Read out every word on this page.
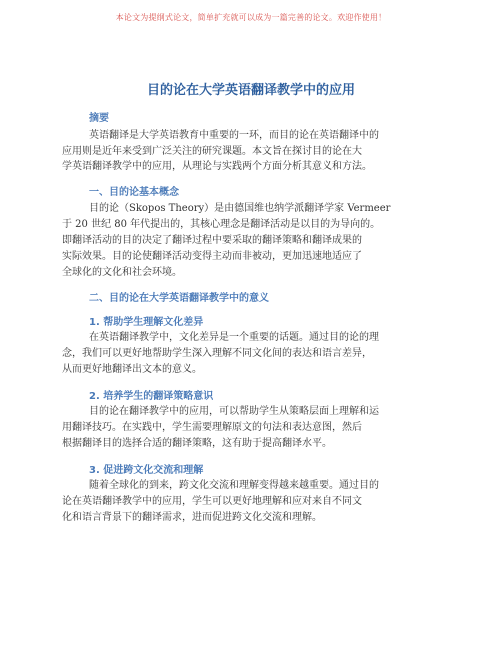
本论文为提纲式论文，简单扩充就可以成为一篇完善的论文。欢迎作使用！
目的论在大学英语翻译教学中的应用
摘要
英语翻译是大学英语教育中重要的一环，而目的论在英语翻译中的
应用则是近年来受到广泛关注的研究课题。本文旨在探讨目的论在大
学英语翻译教学中的应用，从理论与实践两个方面分析其意义和方法。
一、目的论基本概念
目的论（Skopos Theory）是由德国维也纳学派翻译学家 Vermeer
于 20 世纪 80 年代提出的，其核心理念是翻译活动是以目的为导向的。
即翻译活动的目的决定了翻译过程中要采取的翻译策略和翻译成果的
实际效果。目的论使翻译活动变得主动而非被动，更加迅速地适应了
全球化的文化和社会环境。
二、目的论在大学英语翻译教学中的意义
1. 帮助学生理解文化差异
在英语翻译教学中，文化差异是一个重要的话题。通过目的论的理
念，我们可以更好地帮助学生深入理解不同文化间的表达和语言差异，
从而更好地翻译出文本的意义。
2. 培养学生的翻译策略意识
目的论在翻译教学中的应用，可以帮助学生从策略层面上理解和运
用翻译技巧。在实践中，学生需要理解原文的句法和表达意图，然后
根据翻译目的选择合适的翻译策略，这有助于提高翻译水平。
3. 促进跨文化交流和理解
随着全球化的到来，跨文化交流和理解变得越来越重要。通过目的
论在英语翻译教学中的应用，学生可以更好地理解和应对来自不同文
化和语言背景下的翻译需求，进而促进跨文化交流和理解。
